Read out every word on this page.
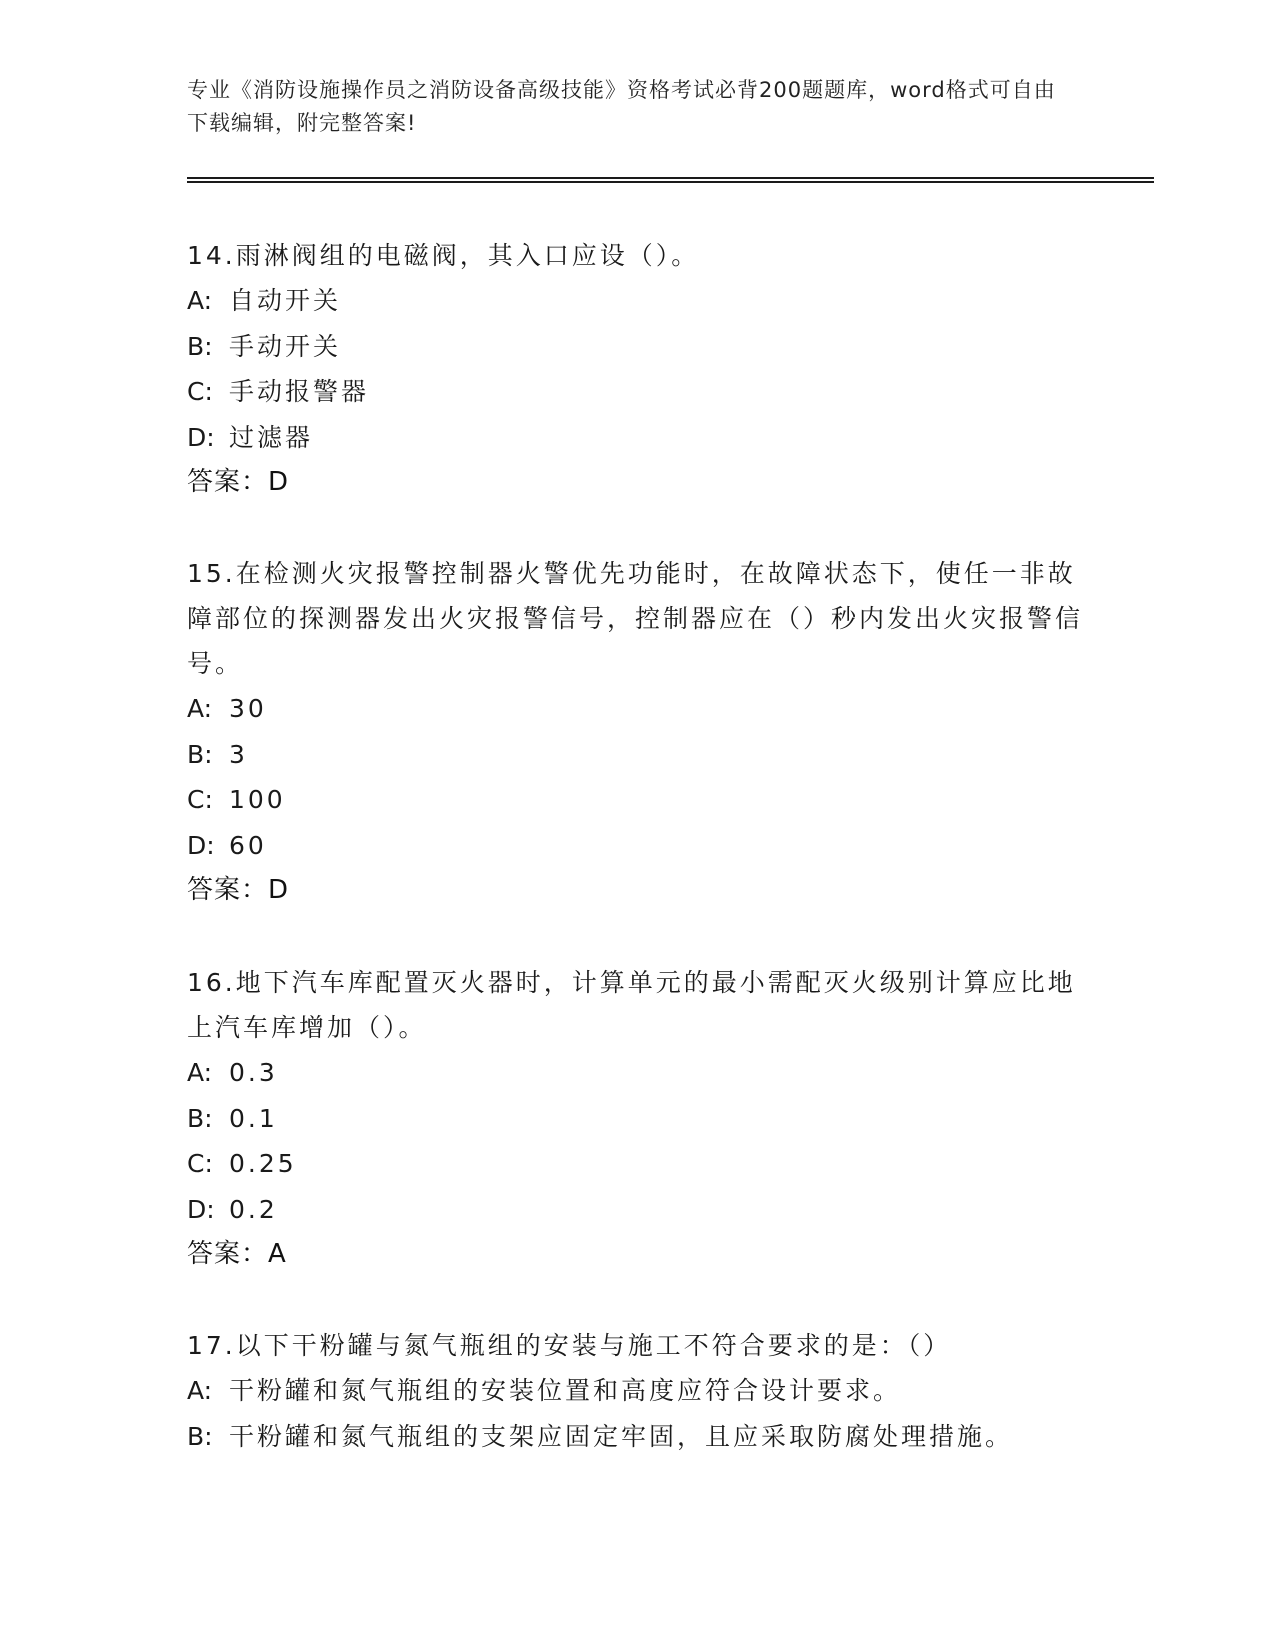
专业《消防设施操作员之消防设备高级技能》资格考试必背200题题库，word格式可自由下载编辑，附完整答案!

14.雨淋阀组的电磁阀，其入口应设（）。

A: 自动开关

B: 手动开关

C: 手动报警器

D: 过滤器

答案：D

15.在检测火灾报警控制器火警优先功能时，在故障状态下，使任一非故障部位的探测器发出火灾报警信号，控制器应在（）秒内发出火灾报警信号。

A: 30

B: 3

C: 100

D: 60

答案：D

16.地下汽车库配置灭火器时，计算单元的最小需配灭火级别计算应比地上汽车库增加（）。

A: 0.3

B: 0.1

C: 0.25

D: 0.2

答案：A

17.以下干粉罐与氮气瓶组的安装与施工不符合要求的是：（）

A: 干粉罐和氮气瓶组的安装位置和高度应符合设计要求。

B: 干粉罐和氮气瓶组的支架应固定牢固，且应采取防腐处理措施。
